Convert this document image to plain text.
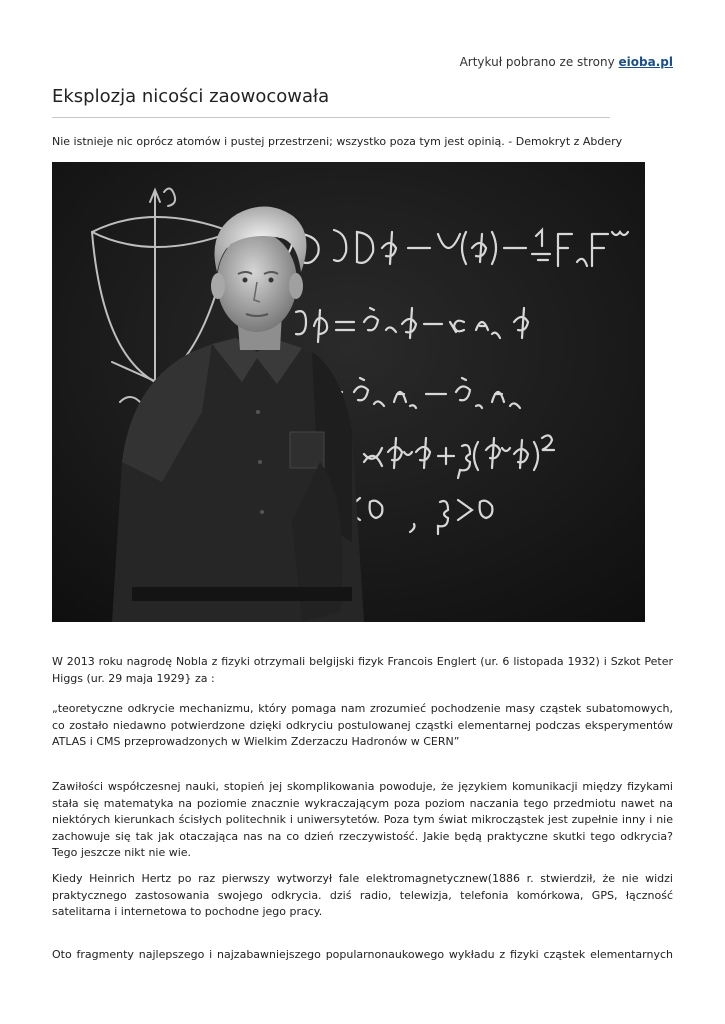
Artykuł pobrano ze strony eioba.pl
Eksplozja nicości zaowocowała
Nie istnieje nic oprócz atomów i pustej przestrzeni; wszystko poza tym jest opinią. - Demokryt z Abdery

W 2013 roku nagrodę Nobla z fizyki otrzymali belgijski fizyk Francois Englert (ur. 6 listopada 1932) i Szkot Peter Higgs (ur. 29 maja 1929} za :

„teoretyczne odkrycie mechanizmu, który pomaga nam zrozumieć pochodzenie masy cząstek subatomowych, co zostało niedawno potwierdzone dzięki odkryciu postulowanej cząstki elementarnej podczas eksperymentów ATLAS i CMS przeprowadzonych w Wielkim Zderzaczu Hadronów w CERN”

Zawiłości współczesnej nauki, stopień jej skomplikowania powoduje, że językiem komunikacji między fizykami stała się matematyka na poziomie znacznie wykraczającym poza poziom naczania tego przedmiotu nawet na niektórych kierunkach ścisłych politechnik i uniwersytetów. Poza tym świat mikrocząstek jest zupełnie inny i nie zachowuje się tak jak otaczająca nas na co dzień rzeczywistość. Jakie będą praktyczne skutki tego odkrycia? Tego jeszcze nikt nie wie.

Kiedy Heinrich Hertz po raz pierwszy wytworzył fale elektromagnetycznew(1886 r. stwierdził, że nie widzi praktycznego zastosowania swojego odkrycia. dziś radio, telewizja, telefonia komórkowa, GPS, łączność satelitarna i internetowa to pochodne jego pracy.

Oto fragmenty najlepszego i najzabawniejszego popularnonaukowego wykładu z fizyki cząstek elementarnych
